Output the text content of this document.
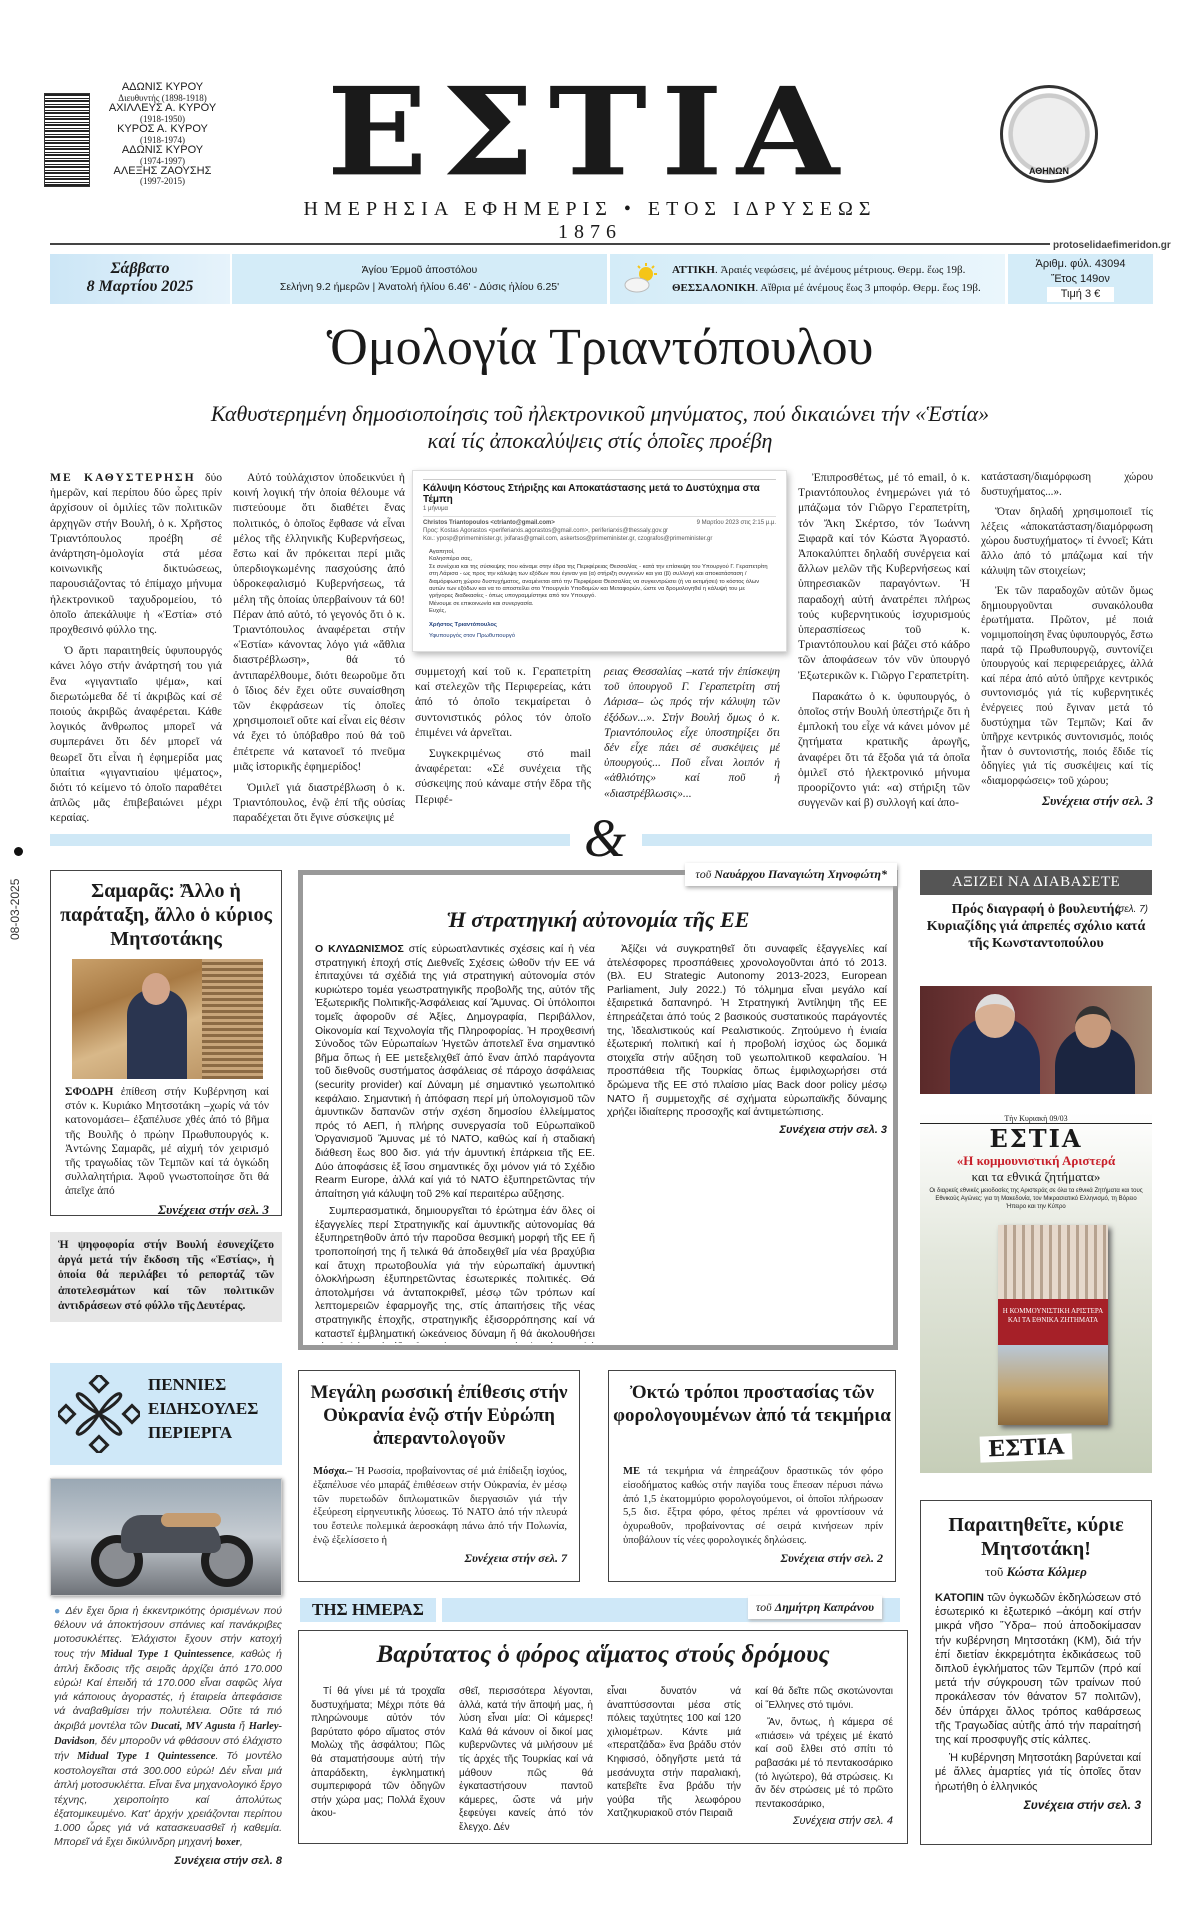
ΑΔΩΝΙΣ ΚΥΡΟΥ
Διευθυντής (1898-1918)
ΑΧΙΛΛΕΥΣ Α. ΚΥΡΟΥ
(1918-1950)
ΚΥΡΟΣ Α. ΚΥΡΟΥ
(1918-1974)
ΑΔΩΝΙΣ ΚΥΡΟΥ
(1974-1997)
ΑΛΕΞΗΣ ΖΑΟΥΣΗΣ
(1997-2015)	ΕΣΤΙΑ
ΗΜΕΡΗΣΙΑ ΕΦΗΜΕΡΙΣ • ΕΤΟΣ ΙΔΡΥΣΕΩΣ 1876
ΑΘΗΝΩΝ
protoselidaefimeridon.gr
Σάββατο
8 Μαρτίου 2025
Άγίου Έρμοῦ ἀποστόλου
Σελήνη 9.2 ήμερῶν | Ἀνατολή ἡλίου 6.46' - Δύσις ἡλίου 6.25'
ΑΤΤΙΚΗ. Ἀραιές νεφώσεις, μέ ἀνέμους μέτριους. Θερμ. ἕως 19β.
ΘΕΣΣΑΛΟΝΙΚΗ. Αἴθρια μέ ἀνέμους ἕως 3 μποφόρ. Θερμ. ἕως 19β.
Ἀριθμ. φύλ. 43094
Ἔτος 149ον
Τιμή 3 €
Ὁμολογία Τριαντόπουλου
Καθυστερημένη δημοσιοποίησις τοῦ ἠλεκτρονικοῦ μηνύματος, πού δικαιώνει τήν «Ἑστία»
καί τίς ἀποκαλύψεις στίς ὁποῖες προέβη

ΜΕ ΚΑΘΥΣΤΕΡΗΣΗ δύο ἡμερῶν, καί περίπου δύο ὧρες πρίν ἀρχίσουν οἱ ὁμιλίες τῶν πολιτικῶν ἀρχηγῶν στήν Βουλή, ὁ κ. Χρῆστος Τριαντόπουλος προέβη σέ ἀνάρτηση-ὁμολογία στά μέσα κοινωνικῆς δικτυώσεως, παρουσιάζοντας τό ἐπίμαχο μήνυμα ἠλεκτρονικοῦ ταχυδρομείου, τό ὁποῖο ἀπεκάλυψε ἡ «Ἑστία» στό προχθεσινό φύλλο της.

Ὁ ἄρτι παραιτηθείς ὑφυπουργός κάνει λόγο στήν ἀνάρτησή του γιά ἕνα «γιγαντιαῖο ψέμα», καί διερωτώμεθα δέ τί ἀκριβῶς καί σέ ποιούς ἀκριβῶς ἀναφέρεται. Κάθε λογικός ἄνθρωπος μπορεῖ νά συμπεράνει ὅτι δέν μπορεῖ νά θεωρεῖ ὅτι εἶναι ἡ ἐφημερίδα μας ὑπαίτια «γιγαντιαίου ψέματος», διότι τό κείμενο τό ὁποῖο παραθέτει ἁπλῶς μᾶς ἐπιβεβαιώνει μέχρι κεραίας.

Αὐτό τοὐλάχιστον ὑποδεικνύει ἡ κοινή λογική τήν ὁποία θέλουμε νά πιστεύουμε ὅτι διαθέτει ἕνας πολιτικός, ὁ ὁποῖος ἔφθασε νά εἶναι μέλος τῆς ἑλληνικῆς Κυβερνήσεως, ἔστω καί ἄν πρόκειται περί μιᾶς ὑπερδιογκωμένης πασχούσης ἀπό ὑδροκεφαλισμό Κυβερνήσεως, τά μέλη τῆς ὁποίας ὑπερβαίνουν τά 60! Πέραν ἀπό αὐτό, τό γεγονός ὅτι ὁ κ. Τριαντόπουλος ἀναφέρεται στήν «Ἑστία» κάνοντας λόγο γιά «ἄθλια διαστρέβλωση», θά τό ἀντιπαρέλθουμε, διότι θεωροῦμε ὅτι ὁ ἴδιος δέν ἔχει οὔτε συναίσθηση τῶν ἐκφράσεων τίς ὁποῖες χρησιμοποιεῖ οὔτε καί εἶναι εἰς θέσιν νά ἔχει τό ὑπόβαθρο πού θά τοῦ ἐπέτρεπε νά κατανοεῖ τό πνεῦμα μιᾶς ἱστορικῆς ἐφημερίδος!

Ὁμιλεῖ γιά διαστρέβλωση ὁ κ. Τριαντόπουλος, ἐνῷ ἐπί τῆς οὐσίας παραδέχεται ὅτι ἔγινε σύσκεψις μέ

Κάλυψη Κόστους Στήριξης και Αποκατάστασης μετά το Δυστύχημα στα Τέμπη
1 μήνυμα
Christos Triantopoulos <ctrianto@gmail.com>	9 Μαρτίου 2023 στις 2:15 μ.μ.
Προς: Kostas Agorastos <periferiarxis.agorastos@gmail.com>, periferiarxis@thessaly.gov.gr
Κοι.: yposp@primeminister.gr, jxifaras@gmail.com, askertsos@primeminister.gr, czografos@primeminister.gr
Αγαπητοί,
Καλησπέρα σας,
Σε συνέχεια και της σύσκεψης που κάναμε στην έδρα της Περιφέρειας Θεσσαλίας - κατά την επίσκεψη του Υπουργού Γ. Γεραπετρίτη στη Λάρισα - ως προς την κάλυψη των εξόδων που έγιναν για (α) στήριξη συγγενών και για (β) συλλογή και αποκατάσταση / διαμόρφωση χώρου δυστυχήματος, αναμένεται από την Περιφέρεια Θεσσαλίας να συγκεντρώσει (ή να εκτιμήσει) το κόστος όλων αυτών των εξόδων και να το αποστείλει στο Υπουργείο Υποδομών και Μεταφορών, ώστε να δρομολογηθεί η κάλυψή του με γρήγορες διαδικασίες - όπως υπογραμμίστηκε από τον Υπουργό.
Μένουμε σε επικοινωνία και συνεργασία.
Ευχές,
Χρήστος Τριαντόπουλος
Υφυπουργός στον Πρωθυπουργό

συμμετοχή καί τοῦ κ. Γεραπετρίτη καί στελεχῶν τῆς Περιφερείας, κάτι ἀπό τό ὁποῖο τεκμαίρεται ὁ συντονιστικός ρόλος τόν ὁποῖο ἐπιμένει νά ἀρνεῖται.

Συγκεκριμένως στό mail ἀναφέρεται: «Σέ συνέχεια τῆς σύσκεψης πού κάναμε στήν ἕδρα τῆς Περιφέ-

ρειας Θεσσαλίας –κατά τήν ἐπίσκεψη τοῦ ὑπουργοῦ Γ. Γεραπετρίτη στή Λάρισα– ὡς πρός τήν κάλυψη τῶν ἐξόδων...». Στήν Βουλή ὅμως ὁ κ. Τριαντόπουλος εἶχε ὑποστηρίξει ὅτι δέν εἶχε πάει σέ συσκέψεις μέ ὑπουργούς... Ποῦ εἶναι λοιπόν ἡ «ἀθλιότης» καί ποῦ ἡ «διαστρέβλωσις»...

Ἐπιπροσθέτως, μέ τό email, ὁ κ. Τριαντόπουλος ἐνημερώνει γιά τό μπάζωμα τόν Γιῶργο Γεραπετρίτη, τόν Ἄκη Σκέρτσο, τόν Ἰωάννη Ξιφαρᾶ καί τόν Κώστα Ἀγοραστό. Ἀποκαλύπτει δηλαδή συνέργεια καί ἄλλων μελῶν τῆς Κυβερνήσεως καί ὑπηρεσιακῶν παραγόντων. Ἡ παραδοχή αὐτή ἀνατρέπει πλήρως τούς κυβερνητικούς ἰσχυρισμούς ὑπερασπίσεως τοῦ κ. Τριαντόπουλου καί βάζει στό κάδρο τῶν ἀποφάσεων τόν νῦν ὑπουργό Ἐξωτερικῶν κ. Γιῶργο Γεραπετρίτη.

Παρακάτω ὁ κ. ὑφυπουργός, ὁ ὁποῖος στήν Βουλή ὑπεστήριζε ὅτι ἡ ἐμπλοκή του εἶχε νά κάνει μόνον μέ ζητήματα κρατικῆς ἀρωγῆς, ἀναφέρει ὅτι τά ἔξοδα γιά τά ὁποῖα ὁμιλεῖ στό ἠλεκτρονικό μήνυμα προορίζοντο γιά: «α) στήριξη τῶν συγγενῶν καί β) συλλογή καί ἀπο-

κατάσταση/διαμόρφωση χώρου δυστυχήματος...».

Ὅταν δηλαδή χρησιμοποιεῖ τίς λέξεις «ἀποκατάσταση/διαμόρφωση χώρου δυστυχήματος» τί ἐννοεῖ; Κάτι ἄλλο ἀπό τό μπάζωμα καί τήν κάλυψη τῶν στοιχείων;

Ἐκ τῶν παραδοχῶν αὐτῶν ὅμως δημιουργοῦνται συνακόλουθα ἐρωτήματα. Πρῶτον, μέ ποιά νομιμοποίηση ἕνας ὑφυπουργός, ἔστω παρά τῷ Πρωθυπουργῷ, συντονίζει ὑπουργούς καί περιφερειάρχες, ἀλλά καί πέρα ἀπό αὐτό ὑπῆρχε κεντρικός συντονισμός γιά τίς κυβερνητικές ἐνέργειες πού ἔγιναν μετά τό δυστύχημα τῶν Τεμπῶν; Καί ἄν ὑπῆρχε κεντρικός συντονισμός, ποιός ἦταν ὁ συντονιστής, ποιός ἔδιδε τίς ὁδηγίες γιά τίς συσκέψεις καί τίς «διαμορφώσεις» τοῦ χώρου;

Συνέχεια στήν σελ. 3
&
08-03-2025	Σαμαρᾶς: Ἄλλο ἡ παράταξη, ἄλλο ὁ κύριος Μητσοτάκης
ΣΦΟΔΡΗ ἐπίθεση στήν Κυβέρνηση καί στόν κ. Κυριάκο Μητσοτάκη –χωρίς νά τόν κατονομάσει– ἐξαπέλυσε χθές ἀπό τό βῆμα τῆς Βουλῆς ὁ πρώην Πρωθυπουργός κ. Ἀντώνης Σαμαρᾶς, μέ αἰχμή τόν χειρισμό τῆς τραγωδίας τῶν Τεμπῶν καί τά ὀγκώδη συλλαλητήρια. Ἀφοῦ γνωστοποίησε ὅτι θά ἀπεῖχε ἀπό
Συνέχεια στήν σελ. 3
Ἡ ψηφοφορία στήν Βουλή ἐσυνεχίζετο ἀργά μετά τήν ἔκδοση τῆς «Ἑστίας», ἡ ὁποία θά περιλάβει τό ρεπορτάζ τῶν ἀποτελεσμάτων καί τῶν πολιτικῶν ἀντιδράσεων στό φύλλο τῆς Δευτέρας.
τοῦ Ναυάρχου Παναγιώτη Χηνοφώτη*
Ἡ στρατηγική αὐτονομία τῆς ΕΕ

Ο ΚΛΥΔΩΝΙΣΜΟΣ στίς εὐρωατλαντικές σχέσεις καί ἡ νέα στρατηγική ἐποχή στίς Διεθνεῖς Σχέσεις ὠθοῦν τήν ΕΕ νά ἐπιταχύνει τά σχέδιά της γιά στρατηγική αὐτονομία στόν κυριώτερο τομέα γεωστρατηγικῆς προβολῆς της, αὐτόν τῆς Ἐξωτερικῆς Πολιτικῆς-Ἀσφάλειας καί Ἄμυνας. Οἱ ὑπόλοιποι τομεῖς ἀφοροῦν σέ Ἀξίες, Δημογραφία, Περιβάλλον, Οἰκονομία καί Τεχνολογία τῆς Πληροφορίας. Ἡ προχθεσινή Σύνοδος τῶν Εὐρωπαίων Ἡγετῶν ἀποτελεῖ ἕνα σημαντικό βῆμα ὅπως ἡ ΕΕ μετεξελιχθεῖ ἀπό ἕναν ἁπλό παράγοντα τοῦ διεθνοῦς συστήματος ἀσφάλειας σέ πάροχο ἀσφάλειας (security provider) καί Δύναμη μέ σημαντικό γεωπολιτικό κεφάλαιο. Σημαντική ἡ ἀπόφαση περί μή ὑπολογισμοῦ τῶν ἀμυντικῶν δαπανῶν στήν σχέση δημοσίου ἐλλείμματος πρός τό ΑΕΠ, ἡ πλήρης συνεργασία τοῦ Εὐρωπαϊκοῦ Ὀργανισμοῦ Ἄμυνας μέ τό ΝΑΤΟ, καθώς καί ἡ σταδιακή διάθεση ἕως 800 δισ. γιά τήν ἀμυντική ἐπάρκεια τῆς ΕΕ. Δύο ἀποφάσεις ἐξ ἴσου σημαντικές ὄχι μόνον γιά τό Σχέδιο Rearm Europe, ἀλλά καί γιά τό ΝΑΤΟ ἐξυπηρετῶντας τήν ἀπαίτηση γιά κάλυψη τοῦ 2% καί περαιτέρω αὔξησης.

Συμπερασματικά, δημιουργεῖται τό ἐρώτημα ἐάν ὅλες οἱ ἐξαγγελίες περί Στρατηγικῆς καί ἀμυντικῆς αὐτονομίας θά ἐξυπηρετηθοῦν ἀπό τήν παροῦσα θεσμική μορφή τῆς ΕΕ ἤ τροποποίησή της ἤ τελικά θά ἀποδειχθεῖ μία νέα βραχύβια καί ἄτυχη πρωτοβουλία γιά τήν εὐρωπαϊκή ἀμυντική ὁλοκλήρωση ἐξυπηρετῶντας ἐσωτερικές πολιτικές. Θά ἀποτολμήσει νά ἀνταποκριθεῖ, μέσῳ τῶν τρόπων καί λεπτομερειῶν ἐφαρμογῆς της, στίς ἀπαιτήσεις τῆς νέας στρατηγικῆς ἐποχῆς, στρατηγικῆς ἐξισορρόπησης καί νά καταστεῖ ἐμβληματική ὠκεάνειος δύναμη ἤ θά ἀκολουθήσει

Ἀξίζει νά συγκρατηθεῖ ὅτι συναφεῖς ἐξαγγελίες καί ἀτελέσφορες προσπάθειες χρονολογοῦνται ἀπό τό 2013. (Βλ. EU Strategic Autonomy 2013-2023, European Parliament, July 2022.) Τό τόλμημα εἶναι μεγάλο καί ἐξαιρετικά δαπανηρό. Ἡ Στρατηγική Ἀντίληψη τῆς ΕΕ ἐπηρεάζεται ἀπό τούς 2 βασικούς συστατικούς παράγοντές της, Ἰδεαλιστικούς καί Ρεαλιστικούς. Ζητούμενο ἡ ἑνιαία ἐξωτερική πολιτική καί ἡ προβολή ἰσχύος ὡς δομικά στοιχεῖα στήν αὔξηση τοῦ γεωπολιτικοῦ κεφαλαίου. Ἡ προσπάθεια τῆς Τουρκίας ὅπως ἐμφιλοχωρήσει στά δρώμενα τῆς ΕΕ στό πλαίσιο μίας Back door policy μέσῳ ΝΑΤΟ ἤ συμμετοχῆς σέ σχήματα εὐρωπαϊκῆς δύναμης χρήζει ἰδιαίτερης προσοχῆς καί ἀντιμετώπισης.

Συνέχεια στήν σελ. 3
ΑΞΙΖΕΙ ΝΑ ΔΙΑΒΑΣΕΤΕ
Πρός διαγραφή ὁ βουλευτής Κυριαζίδης γιά ἀπρεπές σχόλιο κατά τῆς Κωνσταντοπούλου
(σελ. 7)
Τὴν Κυριακὴ 09/03
ΕΣΤΙΑ
«Η κομμουνιστική Αριστερά
και τα εθνικά ζητήματα»
Οι διαρκείς εθνικές μειοδοσίες της Αριστεράς σε όλα τα εθνικά Ζητήματα και τους Εθνικούς Αγώνες: για τη Μακεδονία, τον Μικρασιατικό Ελληνισμό, τη Βόρειο Ήπειρο και την Κύπρο
Η ΚΟΜΜΟΥΝΙΣΤΙΚΗ ΑΡΙΣΤΕΡΑ ΚΑΙ ΤΑ ΕΘΝΙΚΑ ΖΗΤΗΜΑΤΑ
ΕΣΤΙΑ
ΠΕΝΝΙΕΣ
ΕΙΔΗΣΟΥΛΕΣ
ΠΕΡΙΕΡΓΑ
● Δέν ἔχει ὅρια ἡ ἐκκεντρικότης ὁρισμένων πού θέλουν νά ἀποκτήσουν σπάνιες καί πανάκριβες μοτοσυκλέττες. Ἐλάχιστοι ἔχουν στήν κατοχή τους τήν Midual Type 1 Quintessence, καθώς ἡ ἁπλή ἔκδοσις τῆς σειρᾶς ἀρχίζει ἀπό 170.000 εὐρώ! Καί ἐπειδή τά 170.000 εἶναι σαφῶς λίγα γιά κάποιους ἀγοραστές, ἡ ἑταιρεία ἀπεφάσισε νά ἀναβαθμίσει τήν πολυτέλεια. Οὔτε τά πιό ἀκριβά μοντέλα τῶν Ducati, MV Agusta ἤ Harley-Davidson, δέν μποροῦν νά φθάσουν στό ἐλάχιστο τήν Midual Type 1 Quintessence. Τό μοντέλο κοστολογεῖται στά 300.000 εὐρώ! Δέν εἶναι μιά ἁπλή μοτοσυκλέττα. Εἶναι ἕνα μηχανολογικό ἔργο τέχνης, χειροποίητο καί ἀπολύτως ἐξατομικευμένο. Κατ' ἀρχήν χρειάζονται περίπου 1.000 ὧρες γιά νά κατασκευασθεῖ ἡ καθεμία. Μπορεῖ νά ἔχει δικύλινδρη μηχανή boxer,
Συνέχεια στήν σελ. 8
Μεγάλη ρωσσική ἐπίθεσις στήν Οὐκρανία ἐνῷ στήν Εὐρώπη ἀπεραντολογοῦν
Μόσχα.– Ἡ Ρωσσία, προβαίνοντας σέ μιά ἐπίδειξη ἰσχύος, ἐξαπέλυσε νέο μπαράζ ἐπιθέσεων στήν Οὐκρανία, ἐν μέσῳ τῶν πυρετωδῶν διπλωματικῶν διεργασιῶν γιά τήν ἐξεύρεση εἰρηνευτικῆς λύσεως. Τό ΝΑΤΟ ἀπό τήν πλευρά του ἔστειλε πολεμικά ἀεροσκάφη πάνω ἀπό τήν Πολωνία, ἐνῷ ἐξελίσσετο ἡ
Συνέχεια στήν σελ. 7
Ὀκτώ τρόποι προστασίας τῶν φορολογουμένων ἀπό τά τεκμήρια
ΜΕ τά τεκμήρια νά ἐπηρεάζουν δραστικῶς τόν φόρο εἰσοδήματος καθώς στήν παγίδα τους ἔπεσαν πέρυσι πάνω ἀπό 1,5 ἑκατομμύριο φορολογούμενοι, οἱ ὁποῖοι πλήρωσαν 5,5 δισ. ἔξτρα φόρο, φέτος πρέπει νά φροντίσουν νά ὀχυρωθοῦν, προβαίνοντας σέ σειρά κινήσεων πρίν ὑποβάλουν τίς νέες φορολογικές δηλώσεις.
Συνέχεια στήν σελ. 2
ΤΗΣ ΗΜΕΡΑΣ	τοῦ Δημήτρη Καπράνου
Βαρύτατος ὁ φόρος αἵματος στούς δρόμους

Τί θά γίνει μέ τά τροχαῖα δυστυχήματα; Μέχρι πότε θά πληρώνουμε αὐτόν τόν βαρύτατο φόρο αἵματος στόν Μολὼχ τῆς ἀσφάλτου; Πῶς θά σταματήσουμε αὐτή τήν ἀπαράδεκτη, ἐγκληματική συμπεριφορά τῶν ὁδηγῶν στήν χώρα μας; Πολλά ἔχουν ἀκου-

σθεῖ, περισσότερα λέγονται, ἀλλά, κατά τήν ἄποψή μας, ἡ λύση εἶναι μία: Οἱ κάμερες! Καλά θά κάνουν οἱ δικοί μας κυβερνῶντες νά μιλήσουν μέ τίς ἀρχές τῆς Τουρκίας καί νά μάθουν πῶς θά ἐγκαταστήσουν παντοῦ κάμερες, ὥστε νά μήν ξεφεύγει κανείς ἀπό τόν ἔλεγχο. Δέν

εἶναι δυνατόν νά ἀναπτύσσονται μέσα στίς πόλεις ταχύτητες 100 καί 120 χιλιομέτρων. Κάντε μιά «περατζάδα» ἕνα βράδυ στόν Κηφισσό, ὁδηγῆστε μετά τά μεσάνυχτα στήν παραλιακή, κατεβεῖτε ἕνα βράδυ τήν γούβα τῆς λεωφόρου Χατζηκυριακοῦ στόν Πειραιᾶ

καί θά δεῖτε πῶς σκοτώνονται οἱ Ἕλληνες στό τιμόνι.

Ἄν, ὄντως, ἡ κάμερα σέ «πιάσει» νά τρέχεις μέ ἑκατό καί σοῦ ἔλθει στό σπίτι τό ραβασάκι μέ τό πεντακοσάρικο (τό λιγώτερο), θά στρώσεις. Κι ἄν δέν στρώσεις μέ τό πρῶτο πεντακοσάρικο,

Συνέχεια στήν σελ. 4
Παραιτηθεῖτε, κύριε Μητσοτάκη!
τοῦ Κώστα Κόλμερ

ΚΑΤΟΠΙΝ τῶν ὀγκωδῶν ἐκδηλώσεων στό ἐσωτερικό κι ἐξωτερικό –ἀκόμη καί στήν μικρά νῆσο Ὕδρα– πού ἀποδοκίμασαν τήν κυβέρνηση Μητσοτάκη (ΚΜ), διά τήν ἐπί διετίαν ἐκκρεμότητα ἐκδικάσεως τοῦ διπλοῦ ἐγκλήματος τῶν Τεμπῶν (πρό καί μετά τήν σύγκρουση τῶν τραίνων πού προκάλεσαν τόν θάνατον 57 πολιτῶν), δέν ὑπάρχει ἄλλος τρόπος καθάρσεως τῆς Τραγωδίας αὐτῆς ἀπό τήν παραίτησή της καί προσφυγῆς στίς κάλπες.

Ἡ κυβέρνηση Μητσοτάκη βαρύνεται καί μέ ἄλλες ἁμαρτίες γιά τίς ὁποῖες ὅταν ἠρωτήθη ὁ ἑλληνικός

Συνέχεια στήν σελ. 3
